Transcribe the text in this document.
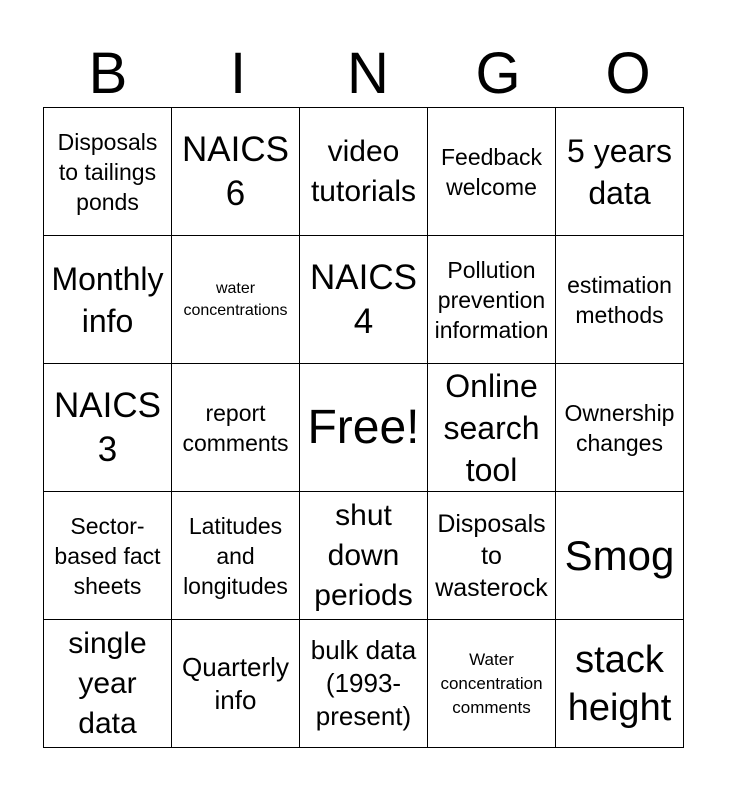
B	I	N	G	O
Disposals to tailings ponds	NAICS 6	video tutorials	Feedback welcome	5 years data
Monthly info	water concentrations	NAICS 4	Pollution prevention information	estimation methods
NAICS 3	report comments	Free!	Online search tool	Ownership changes
Sector-based fact sheets	Latitudes and longitudes	shut down periods	Disposals to wasterock	Smog
single year data	Quarterly info	bulk data (1993-present)	Water concentration comments	stack height
